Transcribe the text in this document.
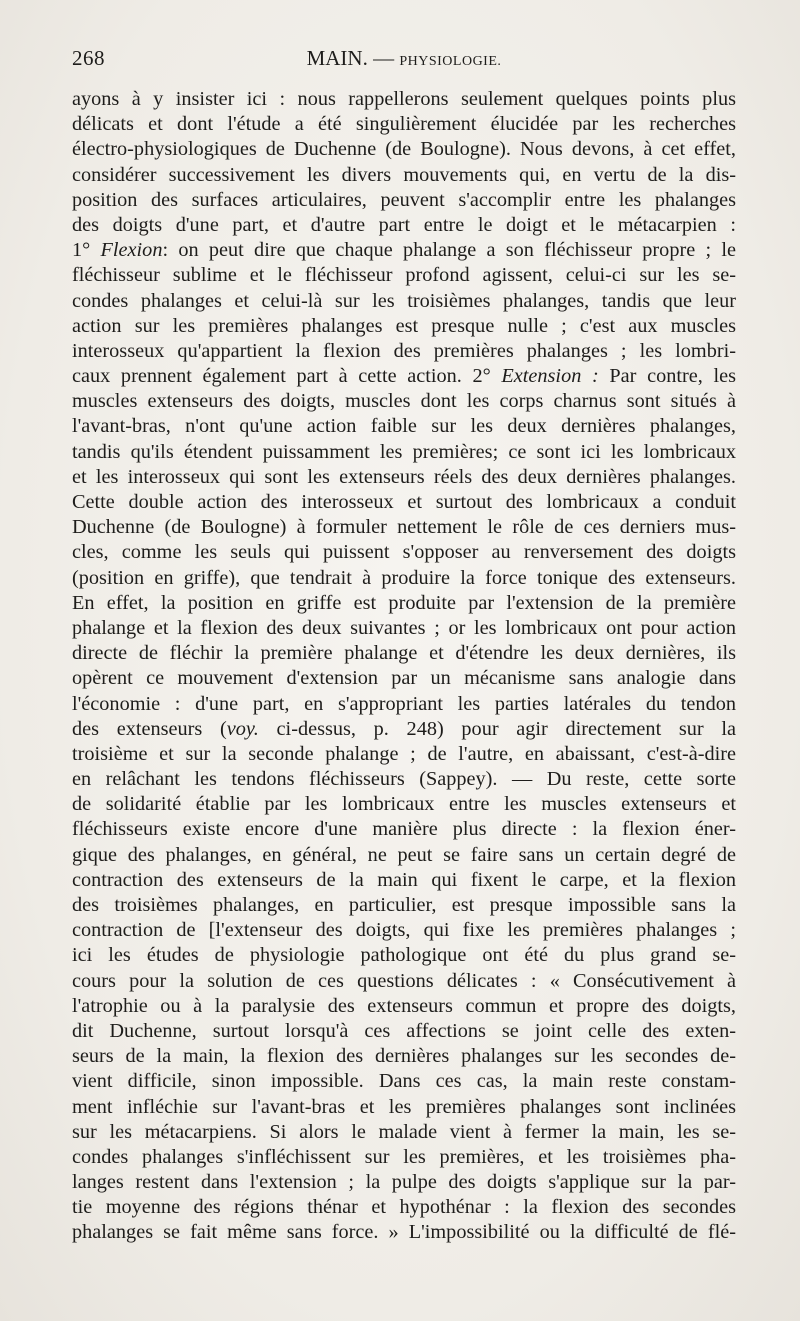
268	MAIN. — PHYSIOLOGIE.
ayons à y insister ici : nous rappellerons seulement quelques points plus
délicats et dont l'étude a été singulièrement élucidée par les recherches
électro-physiologiques de Duchenne (de Boulogne). Nous devons, à cet effet,
considérer successivement les divers mouvements qui, en vertu de la dis-
position des surfaces articulaires, peuvent s'accomplir entre les phalanges
des doigts d'une part, et d'autre part entre le doigt et le métacarpien :
1° Flexion: on peut dire que chaque phalange a son fléchisseur propre ; le
fléchisseur sublime et le fléchisseur profond agissent, celui-ci sur les se-
condes phalanges et celui-là sur les troisièmes phalanges, tandis que leur
action sur les premières phalanges est presque nulle ; c'est aux muscles
interosseux qu'appartient la flexion des premières phalanges ; les lombri-
caux prennent également part à cette action. 2° Extension : Par contre, les
muscles extenseurs des doigts, muscles dont les corps charnus sont situés à
l'avant-bras, n'ont qu'une action faible sur les deux dernières phalanges,
tandis qu'ils étendent puissamment les premières; ce sont ici les lombricaux
et les interosseux qui sont les extenseurs réels des deux dernières phalanges.
Cette double action des interosseux et surtout des lombricaux a conduit
Duchenne (de Boulogne) à formuler nettement le rôle de ces derniers mus-
cles, comme les seuls qui puissent s'opposer au renversement des doigts
(position en griffe), que tendrait à produire la force tonique des extenseurs.
En effet, la position en griffe est produite par l'extension de la première
phalange et la flexion des deux suivantes ; or les lombricaux ont pour action
directe de fléchir la première phalange et d'étendre les deux dernières, ils
opèrent ce mouvement d'extension par un mécanisme sans analogie dans
l'économie : d'une part, en s'appropriant les parties latérales du tendon
des extenseurs (voy. ci-dessus, p. 248) pour agir directement sur la
troisième et sur la seconde phalange ; de l'autre, en abaissant, c'est-à-dire
en relâchant les tendons fléchisseurs (Sappey). — Du reste, cette sorte
de solidarité établie par les lombricaux entre les muscles extenseurs et
fléchisseurs existe encore d'une manière plus directe : la flexion éner-
gique des phalanges, en général, ne peut se faire sans un certain degré de
contraction des extenseurs de la main qui fixent le carpe, et la flexion
des troisièmes phalanges, en particulier, est presque impossible sans la
contraction de [l'extenseur des doigts, qui fixe les premières phalanges ;
ici les études de physiologie pathologique ont été du plus grand se-
cours pour la solution de ces questions délicates : « Consécutivement à
l'atrophie ou à la paralysie des extenseurs commun et propre des doigts,
dit Duchenne, surtout lorsqu'à ces affections se joint celle des exten-
seurs de la main, la flexion des dernières phalanges sur les secondes de-
vient difficile, sinon impossible. Dans ces cas, la main reste constam-
ment infléchie sur l'avant-bras et les premières phalanges sont inclinées
sur les métacarpiens. Si alors le malade vient à fermer la main, les se-
condes phalanges s'infléchissent sur les premières, et les troisièmes pha-
langes restent dans l'extension ; la pulpe des doigts s'applique sur la par-
tie moyenne des régions thénar et hypothénar : la flexion des secondes
phalanges se fait même sans force. » L'impossibilité ou la difficulté de flé-
